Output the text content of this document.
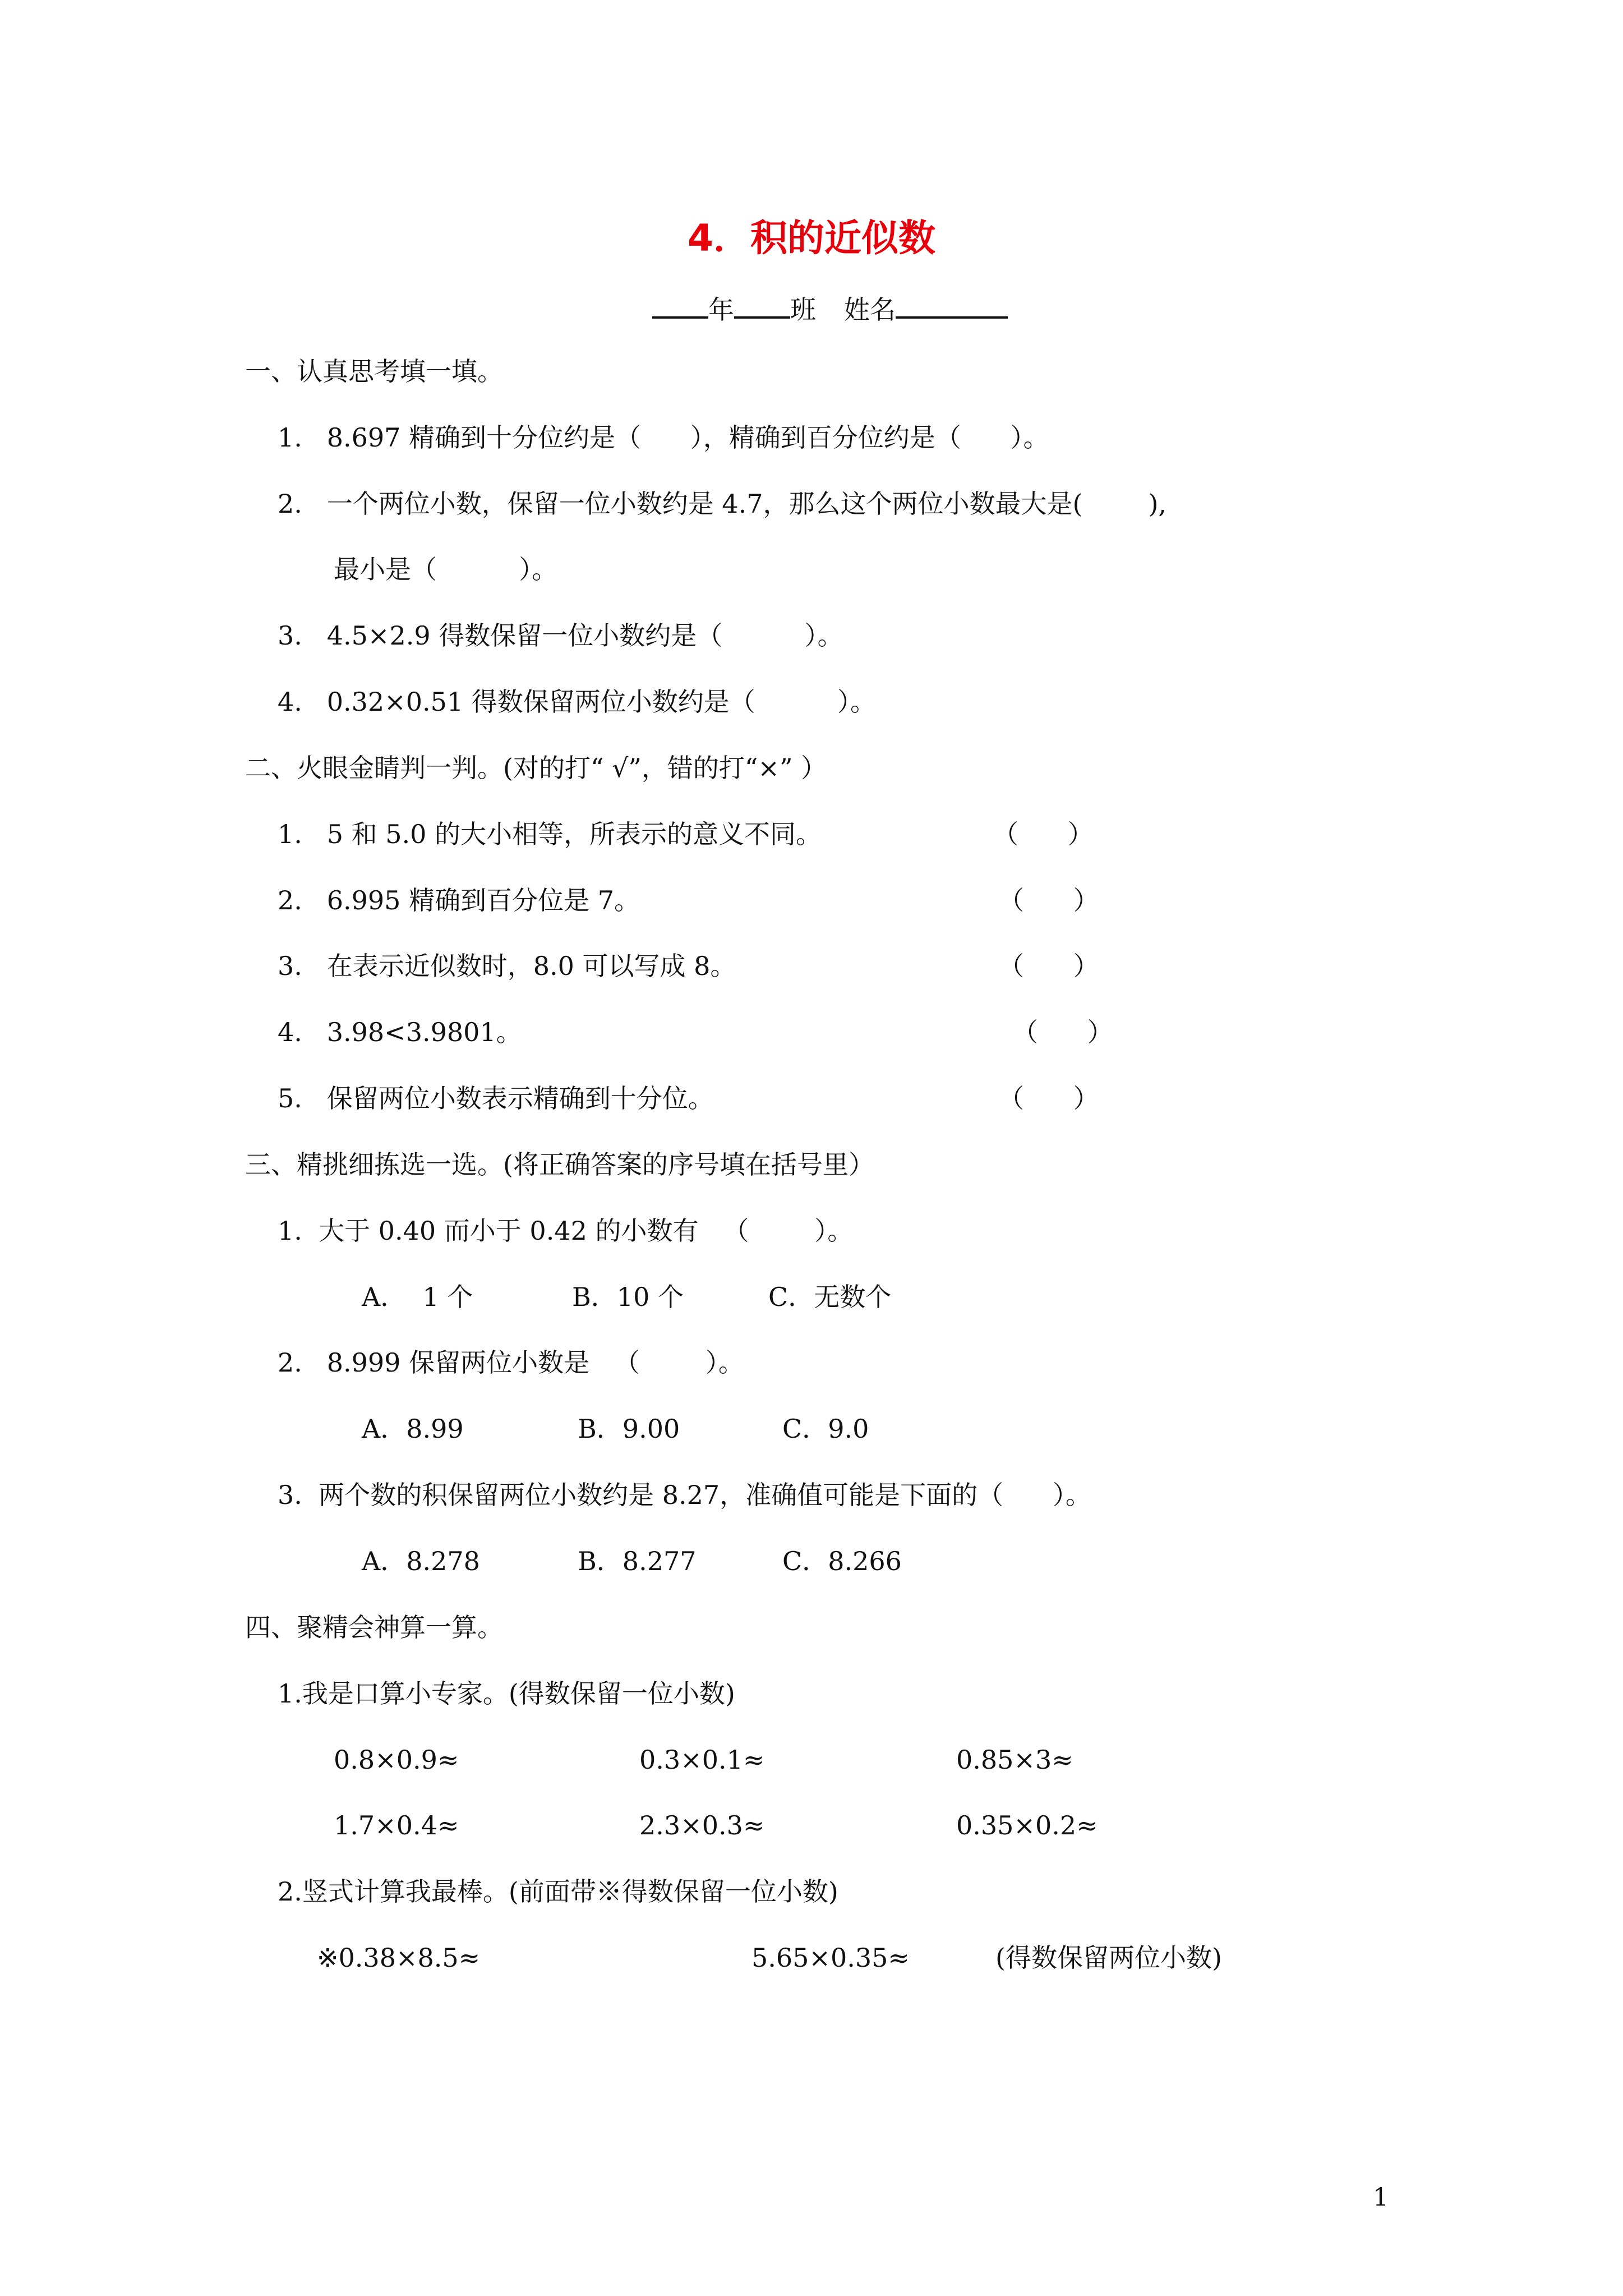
4．积的近似数
年 班 姓名
一、认真思考填一填。
1.   8.697 精确到十分位约是（      ），精确到百分位约是（      ）。
2.   一个两位小数，保留一位小数约是 4.7，那么这个两位小数最大是(        ),
最小是（          ）。
3.   4.5×2.9 得数保留一位小数约是（          ）。
4.   0.32×0.51 得数保留两位小数约是（          ）。
二、火眼金睛判一判。(对的打“ √”，错的打“×” ）
1.   5 和 5.0 的大小相等，所表示的意义不同。	（      ）
2.   6.995 精确到百分位是 7。	（      ）
3.   在表示近似数时，8.0 可以写成 8。	（      ）
4.   3.98<3.9801。	（      ）
5.   保留两位小数表示精确到十分位。	（      ）
三、精挑细拣选一选。(将正确答案的序号填在括号里）
1.  大于 0.40 而小于 0.42 的小数有   （        ）。
A．  1 个	B．10 个	C．无数个
2.   8.999 保留两位小数是   （        ）。
A．8.99	B．9.00	C．9.0
3.  两个数的积保留两位小数约是 8.27，准确值可能是下面的（      ）。
A．8.278	B．8.277	C．8.266
四、聚精会神算一算。
1.我是口算小专家。(得数保留一位小数)
0.8×0.9≈	0.3×0.1≈	0.85×3≈
1.7×0.4≈	2.3×0.3≈	0.35×0.2≈
2.竖式计算我最棒。(前面带※得数保留一位小数)
※0.38×8.5≈	5.65×0.35≈	(得数保留两位小数)
1
